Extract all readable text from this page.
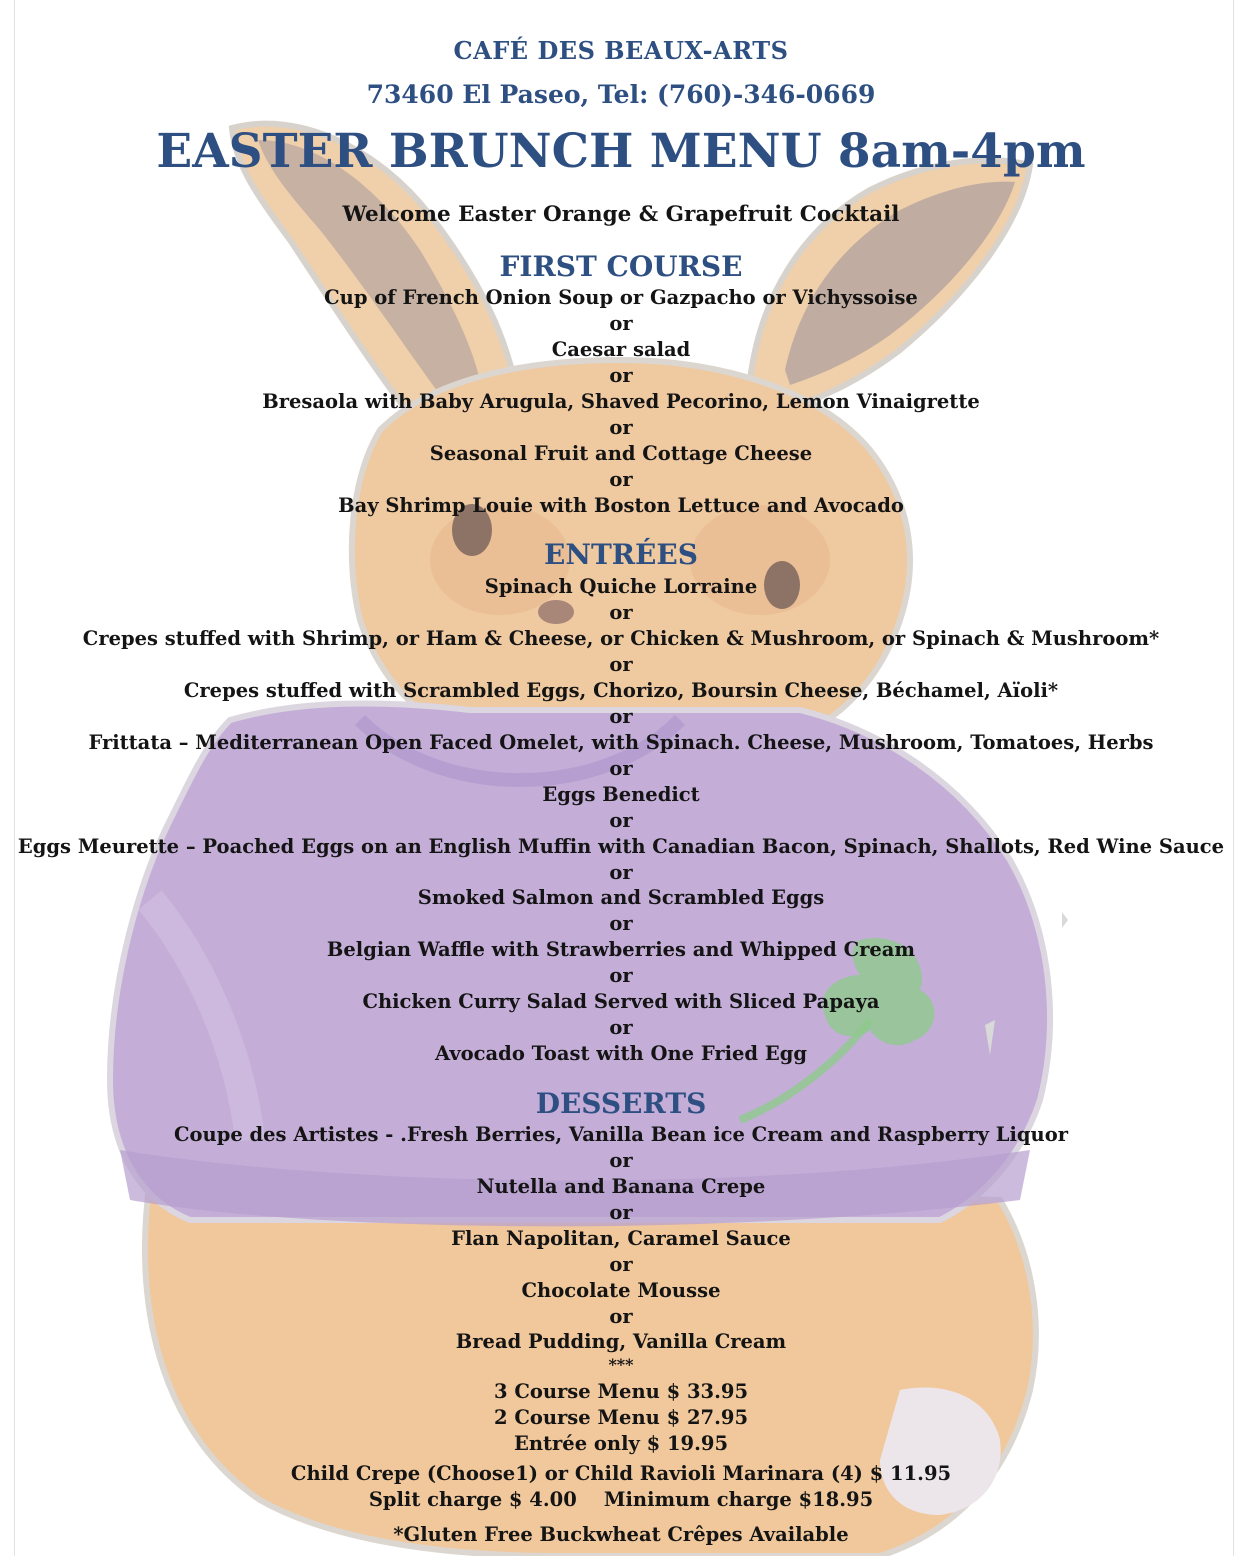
CAFÉ DES BEAUX-ARTS
73460 El Paseo, Tel: (760)-346-0669
EASTER BRUNCH MENU 8am-4pm
Welcome Easter Orange & Grapefruit Cocktail
FIRST COURSE
Cup of French Onion Soup or Gazpacho or Vichyssoise
or
Caesar salad
or
Bresaola with Baby Arugula, Shaved Pecorino, Lemon Vinaigrette
or
Seasonal Fruit and Cottage Cheese
or
Bay Shrimp Louie with Boston Lettuce and Avocado
ENTRÉES
Spinach Quiche Lorraine
or
Crepes stuffed with Shrimp, or Ham & Cheese, or Chicken & Mushroom, or Spinach & Mushroom*
or
Crepes stuffed with Scrambled Eggs, Chorizo, Boursin Cheese, Béchamel, Aïoli*
or
Frittata – Mediterranean Open Faced Omelet, with Spinach. Cheese, Mushroom, Tomatoes, Herbs
or
Eggs Benedict
or
Eggs Meurette – Poached Eggs on an English Muffin with Canadian Bacon, Spinach, Shallots, Red Wine Sauce
or
Smoked Salmon and Scrambled Eggs
or
Belgian Waffle with Strawberries and Whipped Cream
or
Chicken Curry Salad Served with Sliced Papaya
or
Avocado Toast with One Fried Egg
DESSERTS
Coupe des Artistes - .Fresh Berries, Vanilla Bean ice Cream and Raspberry Liquor
or
Nutella and Banana Crepe
or
Flan Napolitan, Caramel Sauce
or
Chocolate Mousse
or
Bread Pudding, Vanilla Cream
***
3 Course Menu $ 33.95
2 Course Menu $ 27.95
Entrée only $ 19.95
Child Crepe (Choose1) or Child Ravioli Marinara (4) $ 11.95
Split charge $ 4.00    Minimum charge $18.95
*Gluten Free Buckwheat Crêpes Available
